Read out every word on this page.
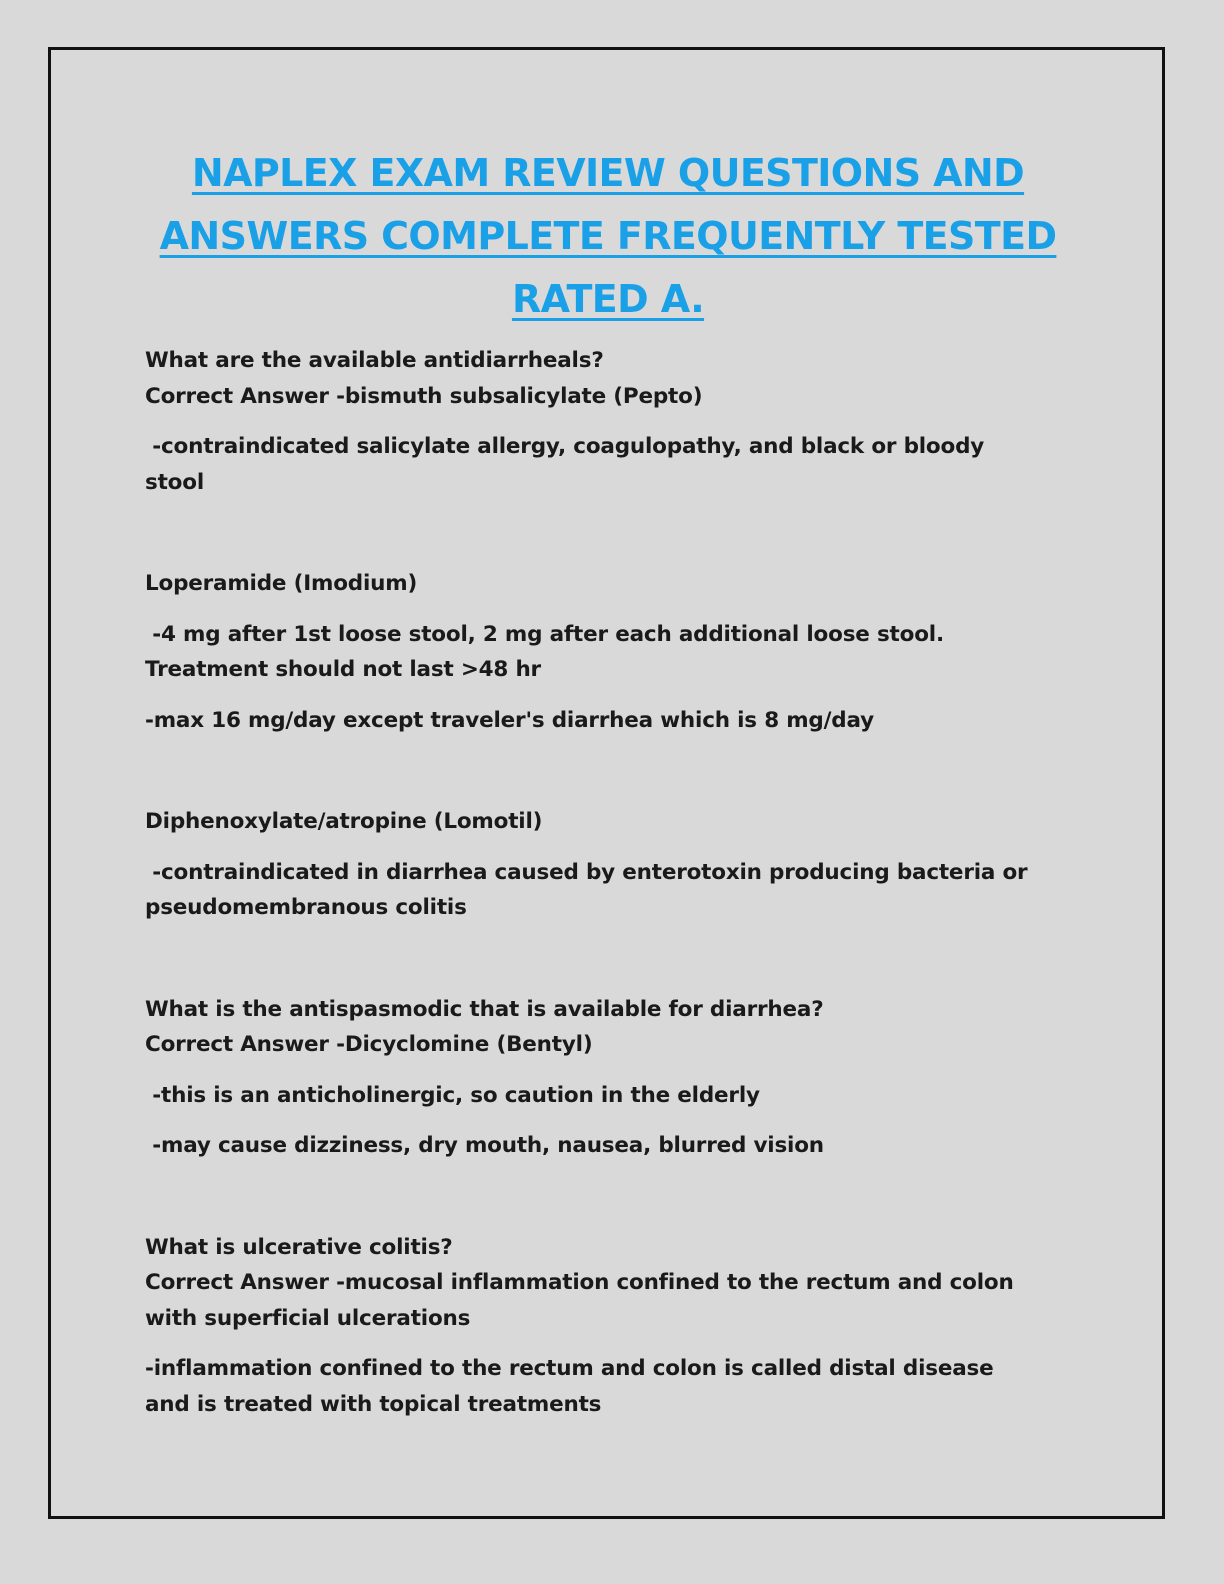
NAPLEX EXAM REVIEW QUESTIONS AND
ANSWERS COMPLETE FREQUENTLY TESTED
RATED A.
What are the available antidiarrheals?
Correct Answer -bismuth subsalicylate (Pepto)
-contraindicated salicylate allergy, coagulopathy, and black or bloody
stool
Loperamide (Imodium)
-4 mg after 1st loose stool, 2 mg after each additional loose stool.
Treatment should not last >48 hr
-max 16 mg/day except traveler's diarrhea which is 8 mg/day
Diphenoxylate/atropine (Lomotil)
-contraindicated in diarrhea caused by enterotoxin producing bacteria or
pseudomembranous colitis
What is the antispasmodic that is available for diarrhea?
Correct Answer -Dicyclomine (Bentyl)
-this is an anticholinergic, so caution in the elderly
-may cause dizziness, dry mouth, nausea, blurred vision
What is ulcerative colitis?
Correct Answer -mucosal inflammation confined to the rectum and colon
with superficial ulcerations
-inflammation confined to the rectum and colon is called distal disease
and is treated with topical treatments
